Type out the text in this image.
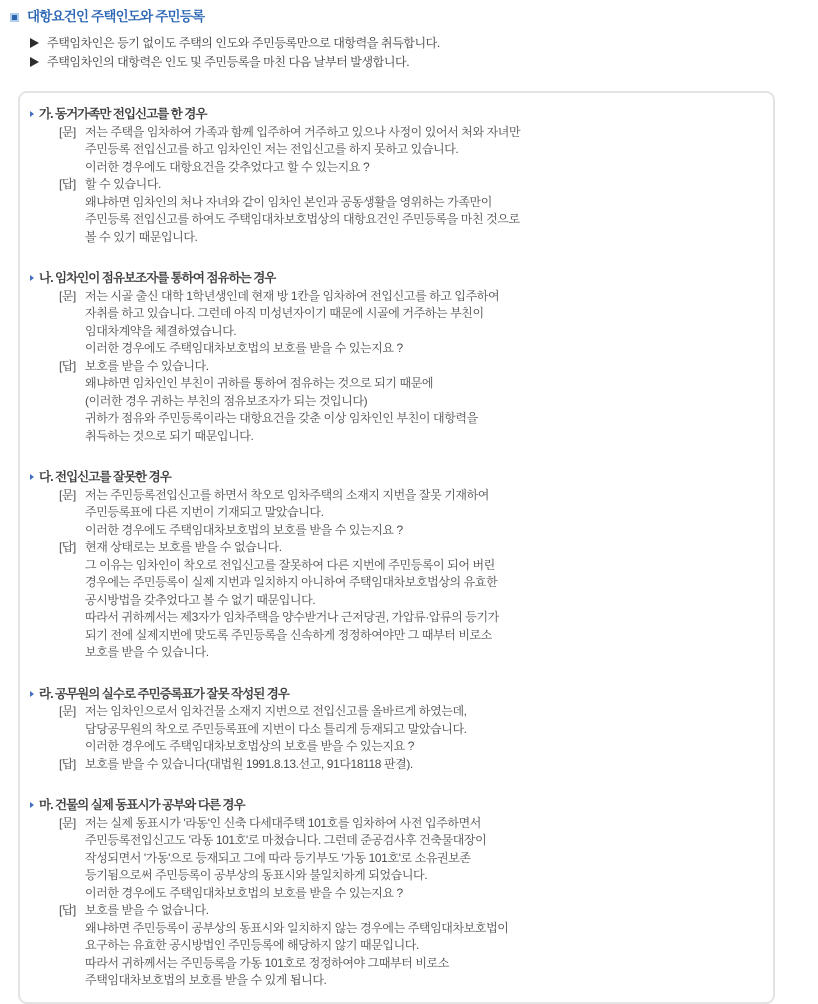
대항요건인 주택인도와 주민등록
주택임차인은 등기 없이도 주택의 인도와 주민등록만으로 대항력을 취득합니다.
주택임차인의 대항력은 인도 및 주민등록을 마친 다음 날부터 발생합니다.
가. 동거가족만 전입신고를 한 경우
[문] 저는 주택을 임차하여 가족과 함께 입주하여 거주하고 있으나 사정이 있어서 처와 자녀만
주민등록 전입신고를 하고 임차인인 저는 전입신고를 하지 못하고 있습니다.
이러한 경우에도 대항요건을 갖추었다고 할 수 있는지요 ?
[답] 할 수 있습니다.
왜냐하면 임차인의 처나 자녀와 같이 임차인 본인과 공동생활을 영위하는 가족만이
주민등록 전입신고를 하여도 주택임대차보호법상의 대항요건인 주민등록을 마친 것으로
볼 수 있기 때문입니다.
나. 임차인이 점유보조자를 통하여 점유하는 경우
[문] 저는 시골 출신 대학 1학년생인데 현재 방 1칸을 임차하여 전입신고를 하고 입주하여
자취를 하고 있습니다. 그런데 아직 미성년자이기 때문에 시골에 거주하는 부친이
임대차계약을 체결하였습니다.
이러한 경우에도 주택임대차보호법의 보호를 받을 수 있는지요 ?
[답] 보호를 받을 수 있습니다.
왜냐하면 임차인인 부친이 귀하를 통하여 점유하는 것으로 되기 때문에
(이러한 경우 귀하는 부친의 점유보조자가 되는 것입니다)
귀하가 점유와 주민등록이라는 대항요건을 갖춘 이상 임차인인 부친이 대항력을
취득하는 것으로 되기 때문입니다.
다. 전입신고를 잘못한 경우
[문] 저는 주민등록전입신고를 하면서 착오로 임차주택의 소재지 지번을 잘못 기재하여
주민등록표에 다른 지번이 기재되고 말았습니다.
이러한 경우에도 주택임대차보호법의 보호를 받을 수 있는지요 ?
[답] 현재 상태로는 보호를 받을 수 없습니다.
그 이유는 임차인이 착오로 전입신고를 잘못하여 다른 지번에 주민등록이 되어 버린
경우에는 주민등록이 실제 지번과 일치하지 아니하여 주택임대차보호법상의 유효한
공시방법을 갖추었다고 볼 수 없기 때문입니다.
따라서 귀하께서는 제3자가 임차주택을 양수받거나 근저당권, 가압류·압류의 등기가
되기 전에 실제지번에 맞도록 주민등록을 신속하게 정정하여야만 그 때부터 비로소
보호를 받을 수 있습니다.
라. 공무원의 실수로 주민증록표가 잘못 작성된 경우
[문] 저는 임차인으로서 임차건물 소재지 지번으로 전입신고를 올바르게 하였는데,
담당공무원의 착오로 주민등록표에 지번이 다소 틀리게 등재되고 말았습니다.
이러한 경우에도 주택임대차보호법상의 보호를 받을 수 있는지요 ?
[답] 보호를 받을 수 있습니다(대법원 1991.8.13.선고, 91다18118 판결).
마. 건물의 실제 동표시가 공부와 다른 경우
[문] 저는 실제 동표시가 '라동'인 신축 다세대주택 101호를 임차하여 사전 입주하면서
주민등록전입신고도 '라동 101호'로 마쳤습니다. 그런데 준공검사후 건축물대장이
작성되면서 '가동'으로 등재되고 그에 따라 등기부도 '가동 101호'로 소유권보존
등기됨으로써 주민등록이 공부상의 동표시와 불일치하게 되었습니다.
이러한 경우에도 주택임대차보호법의 보호를 받을 수 있는지요 ?
[답] 보호를 받을 수 없습니다.
왜냐하면 주민등록이 공부상의 동표시와 일치하지 않는 경우에는 주택임대차보호법이
요구하는 유효한 공시방법인 주민등록에 해당하지 않기 때문입니다.
따라서 귀하께서는 주민등록을 가동 101호로 정정하여야 그때부터 비로소
주택임대차보호법의 보호를 받을 수 있게 됩니다.
